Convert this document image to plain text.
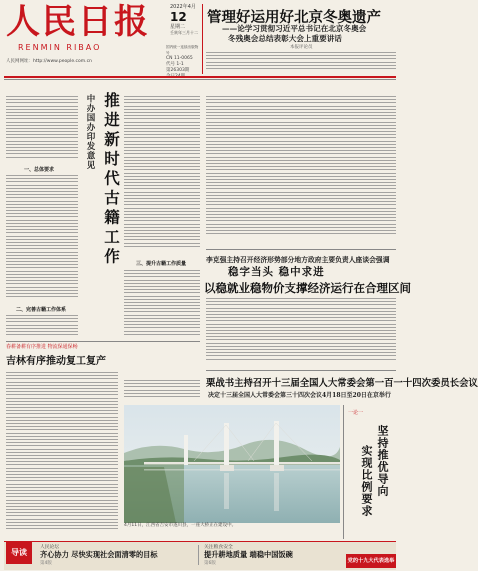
人民日报
RENMIN RIBAO
人民网网址：http://www.people.com.cn
2022年4月
12
星期二
壬寅年三月十二
国内统一连续出版物号
CN 11-0065
代号 1-1
第26303期
管理好运用好北京冬奥遗产
——论学习贯彻习近平总书记在北京冬奥会
冬残奥会总结表彰大会上重要讲话
本报评论员
一、总体要求
二、完善古籍工作体系
推进新时代古籍工作
中办国办印发意见
三、提升古籍工作质量	李克强主持召开经济形势部分地方政府主要负责人座谈会强调
稳字当头 稳中求进
以稳就业稳物价支撑经济运行在合理区间
栗战书主持召开十三届全国人大常委会第一百一十四次委员长会议
决定十三届全国人大常委会第三十四次会议4月18日至20日在京举行
春耕备耕有序推进 物流保通保畅
吉林有序推动复工复产
4月11日，江西省吉安市遂川县，一座大桥正在建设中。
一论一
坚持推优导向
实现比例要求
导读
人民论坛
齐心协力 尽快实现社会面清零的目标
第4版
关注粮食安全
提升耕地质量 端稳中国饭碗
第6版	党的十九大代表选举
